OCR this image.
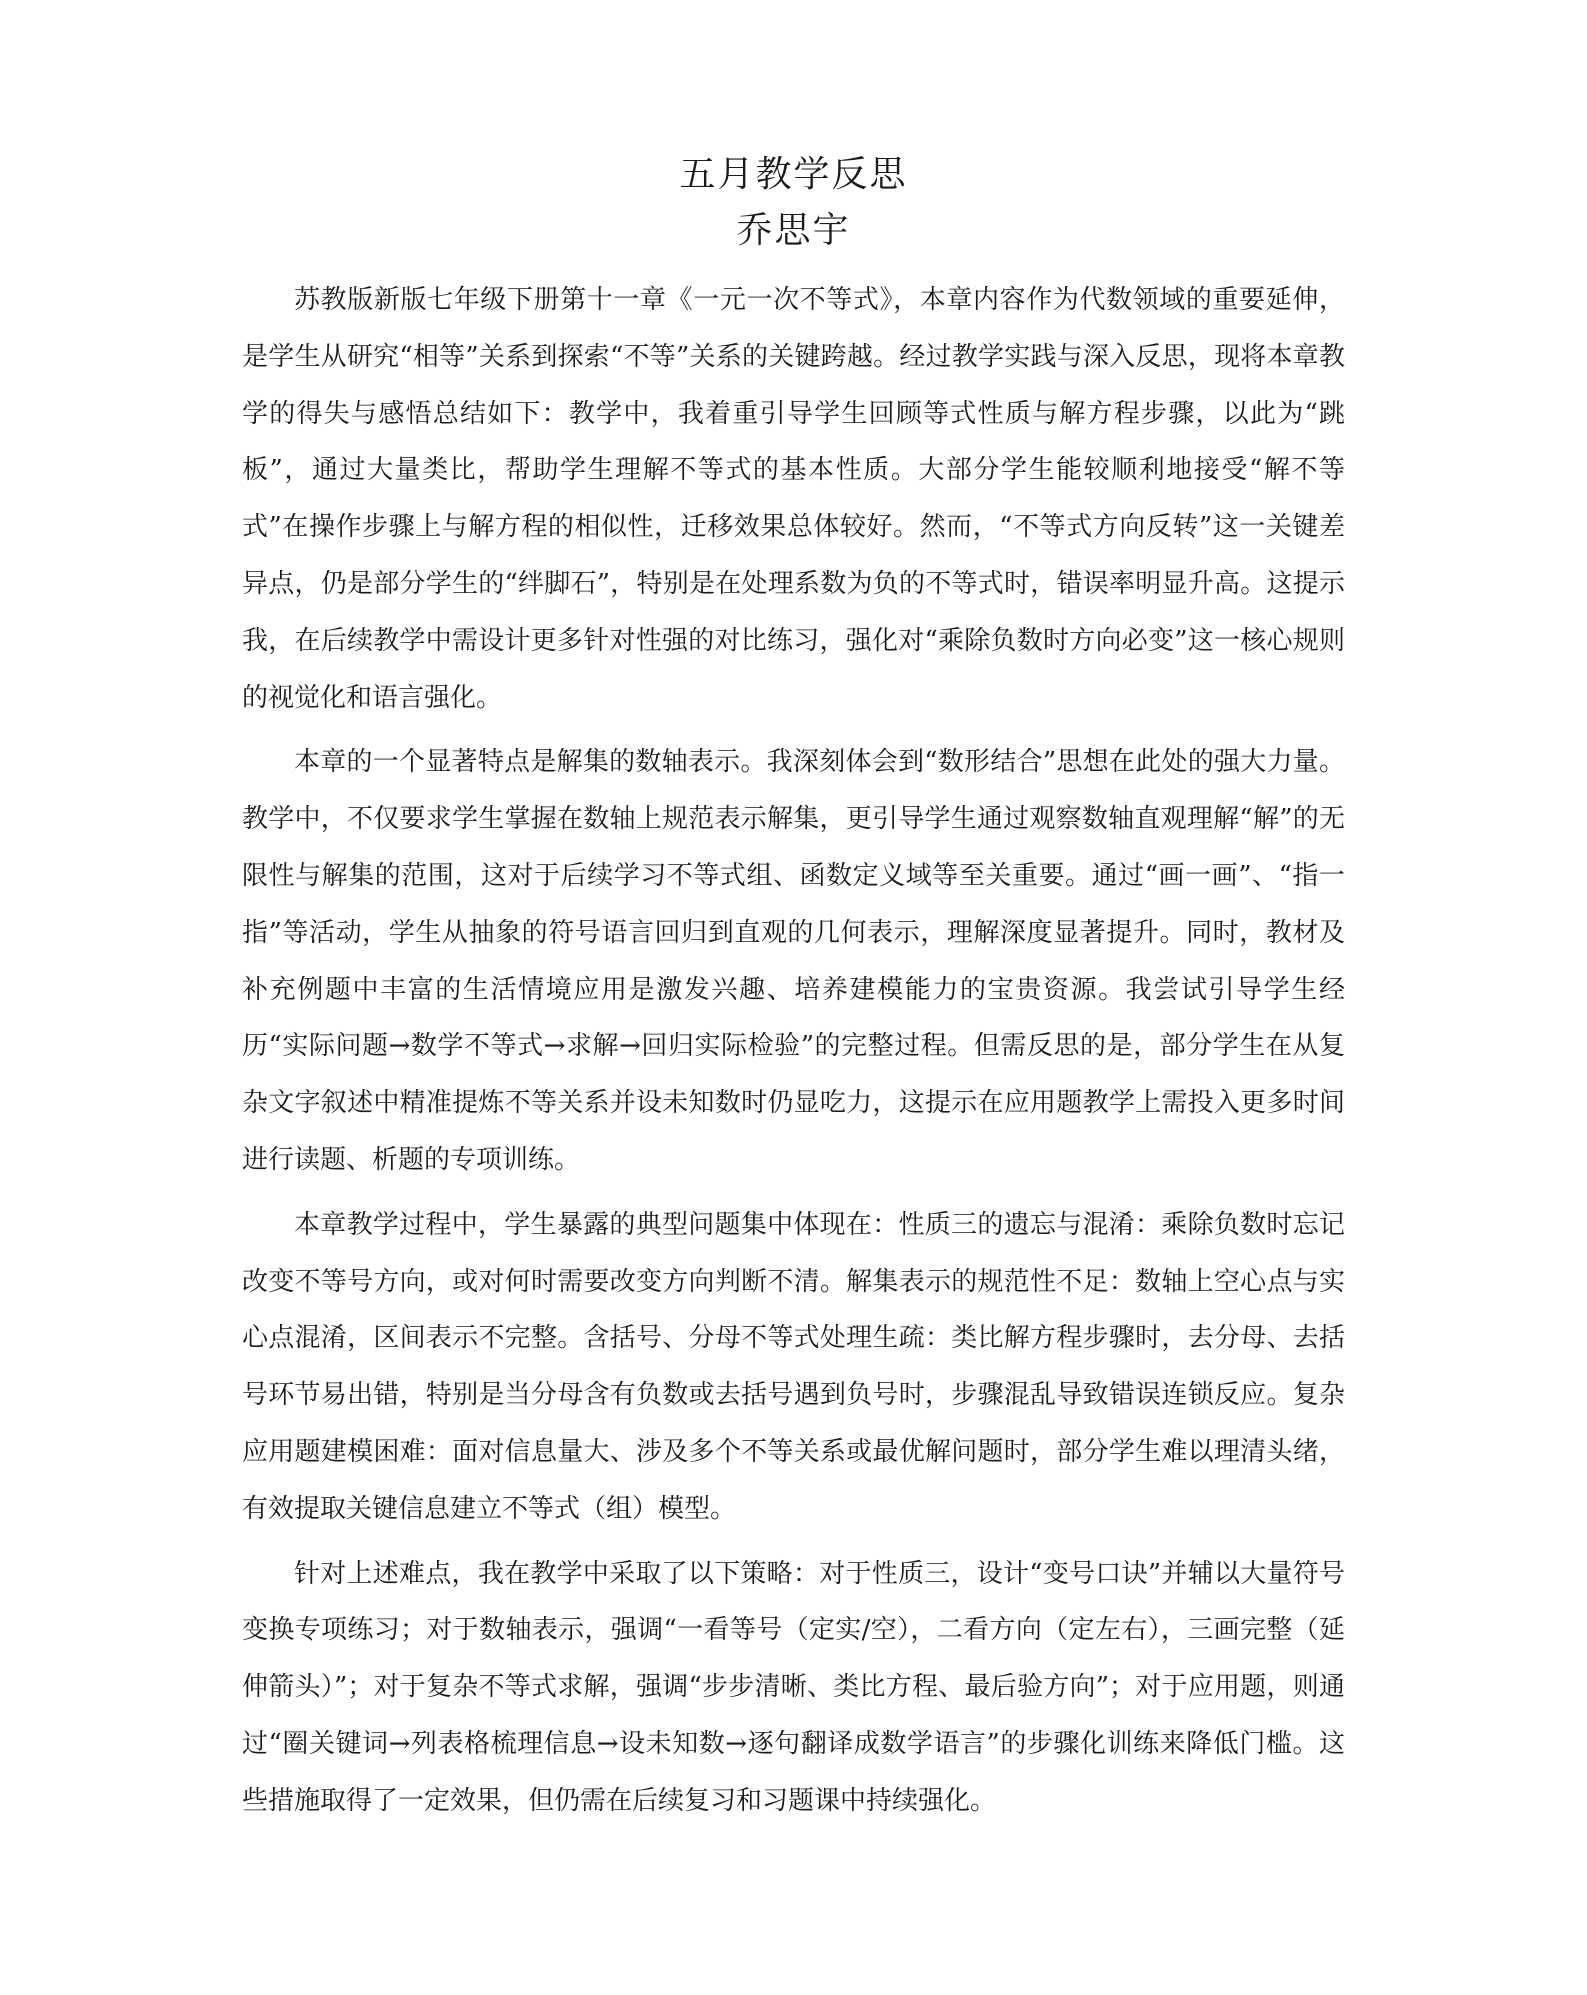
五月教学反思
乔思宇

苏教版新版七年级下册第十一章《一元一次不等式》，本章内容作为代数领域的重要延伸，是学生从研究“相等”关系到探索“不等”关系的关键跨越。经过教学实践与深入反思，现将本章教学的得失与感悟总结如下：教学中，我着重引导学生回顾等式性质与解方程步骤，以此为“跳板”，通过大量类比，帮助学生理解不等式的基本性质。大部分学生能较顺利地接受“解不等式”在操作步骤上与解方程的相似性，迁移效果总体较好。然而，“不等式方向反转”这一关键差异点，仍是部分学生的“绊脚石”，特别是在处理系数为负的不等式时，错误率明显升高。这提示我，在后续教学中需设计更多针对性强的对比练习，强化对“乘除负数时方向必变”这一核心规则的视觉化和语言强化。

本章的一个显著特点是解集的数轴表示。我深刻体会到“数形结合”思想在此处的强大力量。教学中，不仅要求学生掌握在数轴上规范表示解集，更引导学生通过观察数轴直观理解“解”的无限性与解集的范围，这对于后续学习不等式组、函数定义域等至关重要。通过“画一画”、“指一指”等活动，学生从抽象的符号语言回归到直观的几何表示，理解深度显著提升。同时，教材及补充例题中丰富的生活情境应用是激发兴趣、培养建模能力的宝贵资源。我尝试引导学生经历“实际问题→数学不等式→求解→回归实际检验”的完整过程。但需反思的是，部分学生在从复杂文字叙述中精准提炼不等关系并设未知数时仍显吃力，这提示在应用题教学上需投入更多时间进行读题、析题的专项训练。

本章教学过程中，学生暴露的典型问题集中体现在：性质三的遗忘与混淆：乘除负数时忘记改变不等号方向，或对何时需要改变方向判断不清。解集表示的规范性不足：数轴上空心点与实心点混淆，区间表示不完整。含括号、分母不等式处理生疏：类比解方程步骤时，去分母、去括号环节易出错，特别是当分母含有负数或去括号遇到负号时，步骤混乱导致错误连锁反应。复杂应用题建模困难：面对信息量大、涉及多个不等关系或最优解问题时，部分学生难以理清头绪，有效提取关键信息建立不等式（组）模型。

针对上述难点，我在教学中采取了以下策略：对于性质三，设计“变号口诀”并辅以大量符号变换专项练习；对于数轴表示，强调“一看等号（定实/空），二看方向（定左右），三画完整（延伸箭头）”；对于复杂不等式求解，强调“步步清晰、类比方程、最后验方向”；对于应用题，则通过“圈关键词→列表格梳理信息→设未知数→逐句翻译成数学语言”的步骤化训练来降低门槛。这些措施取得了一定效果，但仍需在后续复习和习题课中持续强化。
